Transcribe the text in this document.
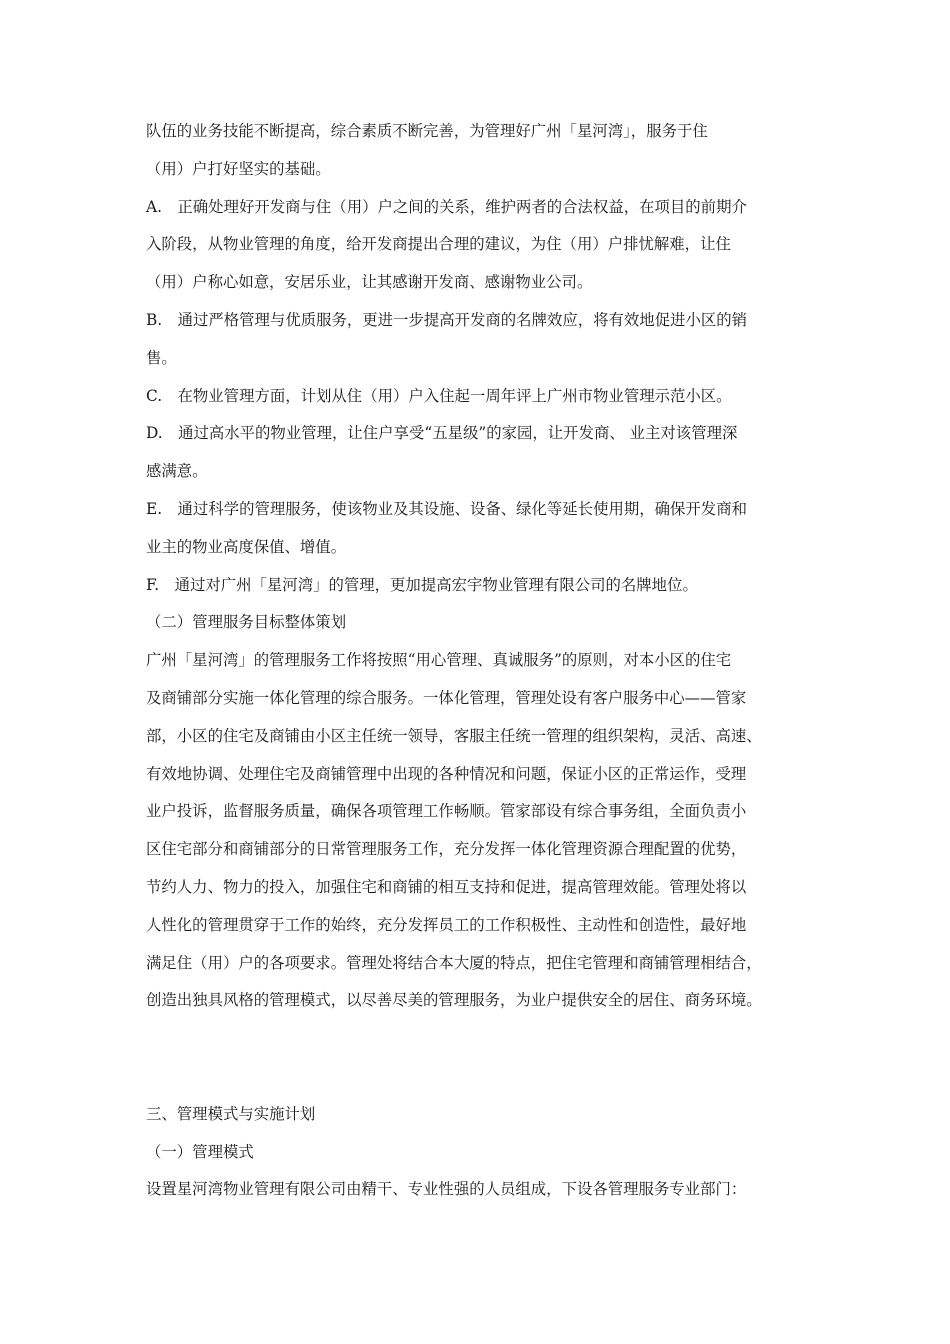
队伍的业务技能不断提高，综合素质不断完善，为管理好广州「星河湾」，服务于住

（用）户打好坚实的基础。

A.　正确处理好开发商与住（用）户之间的关系，维护两者的合法权益，在项目的前期介

入阶段，从物业管理的角度，给开发商提出合理的建议，为住（用）户排忧解难，让住

（用）户称心如意，安居乐业，让其感谢开发商、感谢物业公司。

B.　通过严格管理与优质服务，更进一步提高开发商的名牌效应，将有效地促进小区的销

售。

C.　在物业管理方面，计划从住（用）户入住起一周年评上广州市物业管理示范小区。

D.　通过高水平的物业管理，让住户享受“五星级”的家园，让开发商、 业主对该管理深

感满意。

E.　通过科学的管理服务，使该物业及其设施、设备、绿化等延长使用期，确保开发商和

业主的物业高度保值、增值。

F.　通过对广州「星河湾」的管理，更加提高宏宇物业管理有限公司的名牌地位。

（二）管理服务目标整体策划

广州「星河湾」的管理服务工作将按照“用心管理、真诚服务”的原则，对本小区的住宅

及商铺部分实施一体化管理的综合服务。一体化管理，管理处设有客户服务中心——管家

部，小区的住宅及商铺由小区主任统一领导，客服主任统一管理的组织架构，灵活、高速、

有效地协调、处理住宅及商铺管理中出现的各种情况和问题，保证小区的正常运作，受理

业户投诉，监督服务质量，确保各项管理工作畅顺。管家部设有综合事务组，全面负责小

区住宅部分和商铺部分的日常管理服务工作，充分发挥一体化管理资源合理配置的优势，

节约人力、物力的投入，加强住宅和商铺的相互支持和促进，提高管理效能。管理处将以

人性化的管理贯穿于工作的始终，充分发挥员工的工作积极性、主动性和创造性，最好地

满足住（用）户的各项要求。管理处将结合本大厦的特点，把住宅管理和商铺管理相结合，

创造出独具风格的管理模式，以尽善尽美的管理服务，为业户提供安全的居住、商务环境。

三、管理模式与实施计划

（一）管理模式

设置星河湾物业管理有限公司由精干、专业性强的人员组成，下设各管理服务专业部门：
